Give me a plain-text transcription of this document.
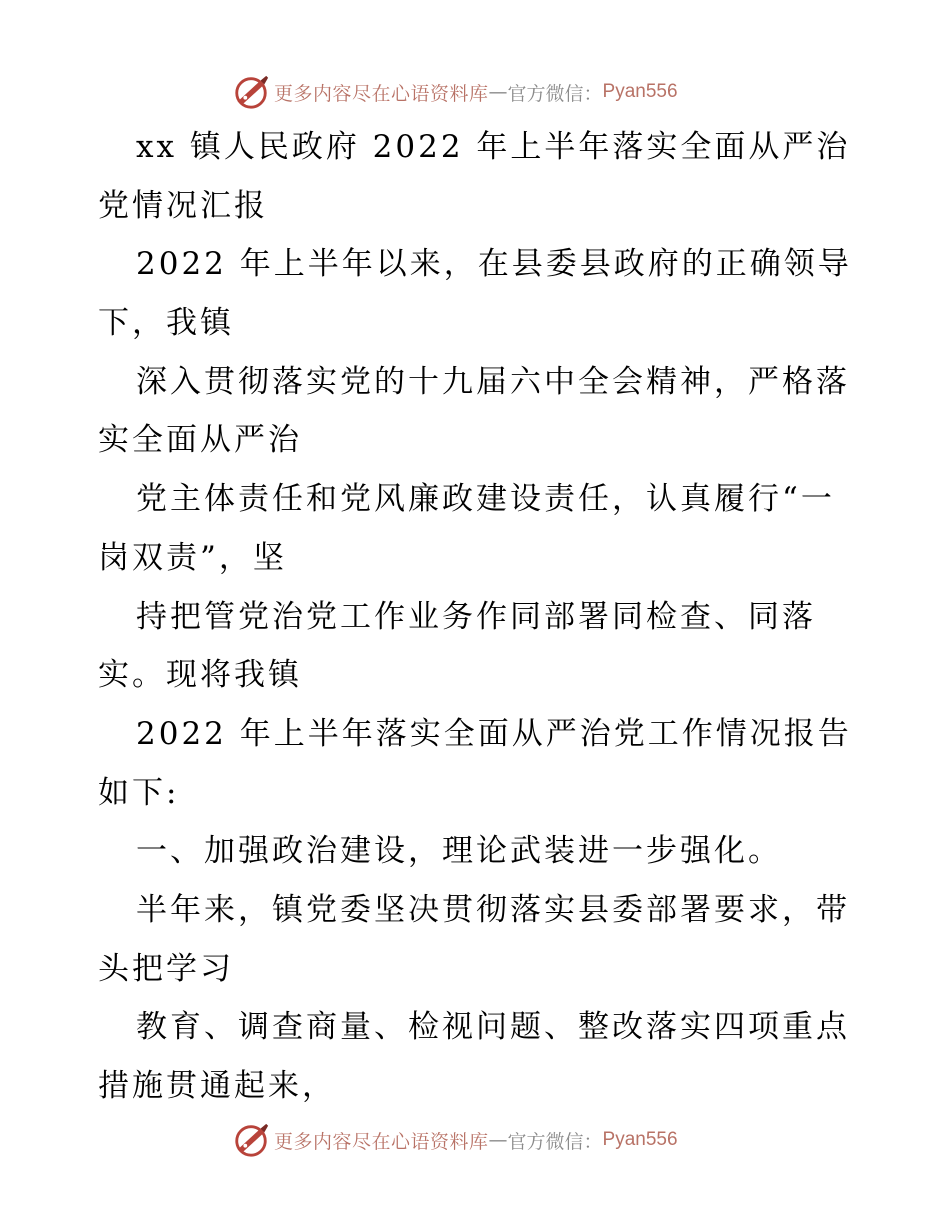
更多内容尽在心语资料库 — 官方微信： Pyan556
xx 镇人民政府 2022 年上半年落实全面从严治
党情况汇报
2022 年上半年以来，在县委县政府的正确领导
下，我镇
深入贯彻落实党的十九届六中全会精神，严格落
实全面从严治
党主体责任和党风廉政建设责任，认真履行“一
岗双责”，坚
持把管党治党工作业务作同部署同检查、同落
实。现将我镇
2022 年上半年落实全面从严治党工作情况报告
如下:
一、加强政治建设，理论武装进一步强化。
半年来，镇党委坚决贯彻落实县委部署要求，带
头把学习
教育、调查商量、检视问题、整改落实四项重点
措施贯通起来，
更多内容尽在心语资料库 — 官方微信： Pyan556
